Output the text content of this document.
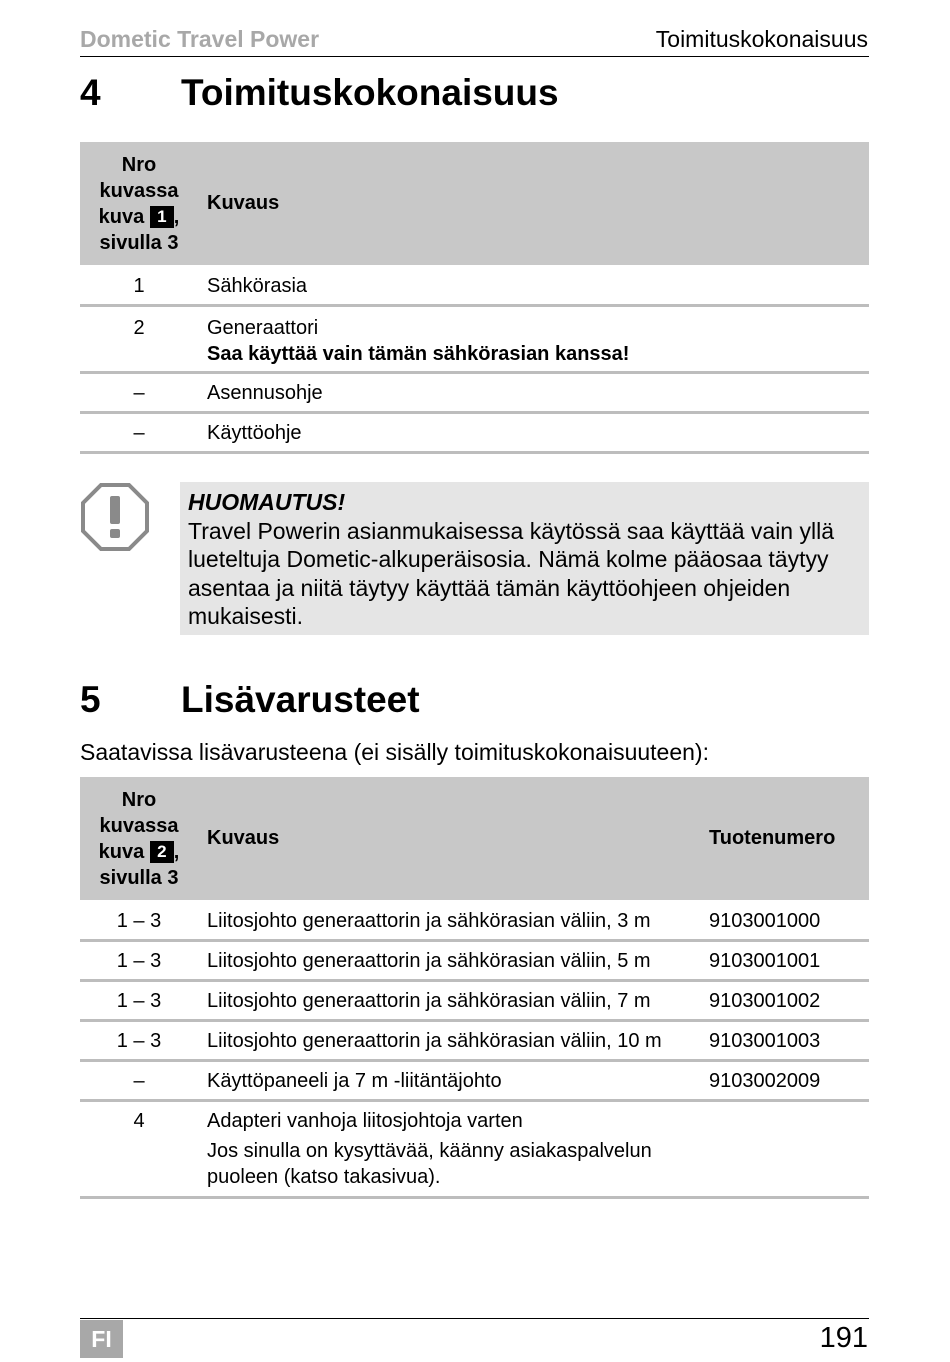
Dometic Travel Power	Toimituskokonaisuus
4	Toimituskokonaisuus
Nro
kuvassa
kuva 1 ,
sivulla 3
Kuvaus
1	Sähkörasia
2	Generaattori
Saa käyttää vain tämän sähkörasian kanssa!
–	Asennusohje
–	Käyttöohje
HUOMAUTUS!
Travel Powerin asianmukaisessa käytössä saa käyttää vain yllä lueteltuja Dometic-alkuperäisosia. Nämä kolme pääosaa täytyy asentaa ja niitä täytyy käyttää tämän käyttöohjeen ohjeiden mukaisesti.
5	Lisävarusteet
Saatavissa lisävarusteena (ei sisälly toimituskokonaisuuteen):
Nro
kuvassa
kuva 2 ,
sivulla 3
Kuvaus	Tuotenumero
1 – 3	Liitosjohto generaattorin ja sähkörasian väliin, 3 m	9103001000
1 – 3	Liitosjohto generaattorin ja sähkörasian väliin, 5 m	9103001001
1 – 3	Liitosjohto generaattorin ja sähkörasian väliin, 7 m	9103001002
1 – 3	Liitosjohto generaattorin ja sähkörasian väliin, 10 m	9103001003
–	Käyttöpaneeli ja 7 m -liitäntäjohto	9103002009
4	Adapteri vanhoja liitosjohtoja varten
Jos sinulla on kysyttävää, käänny asiakaspalvelun
puoleen (katso takasivua).
FI	191
